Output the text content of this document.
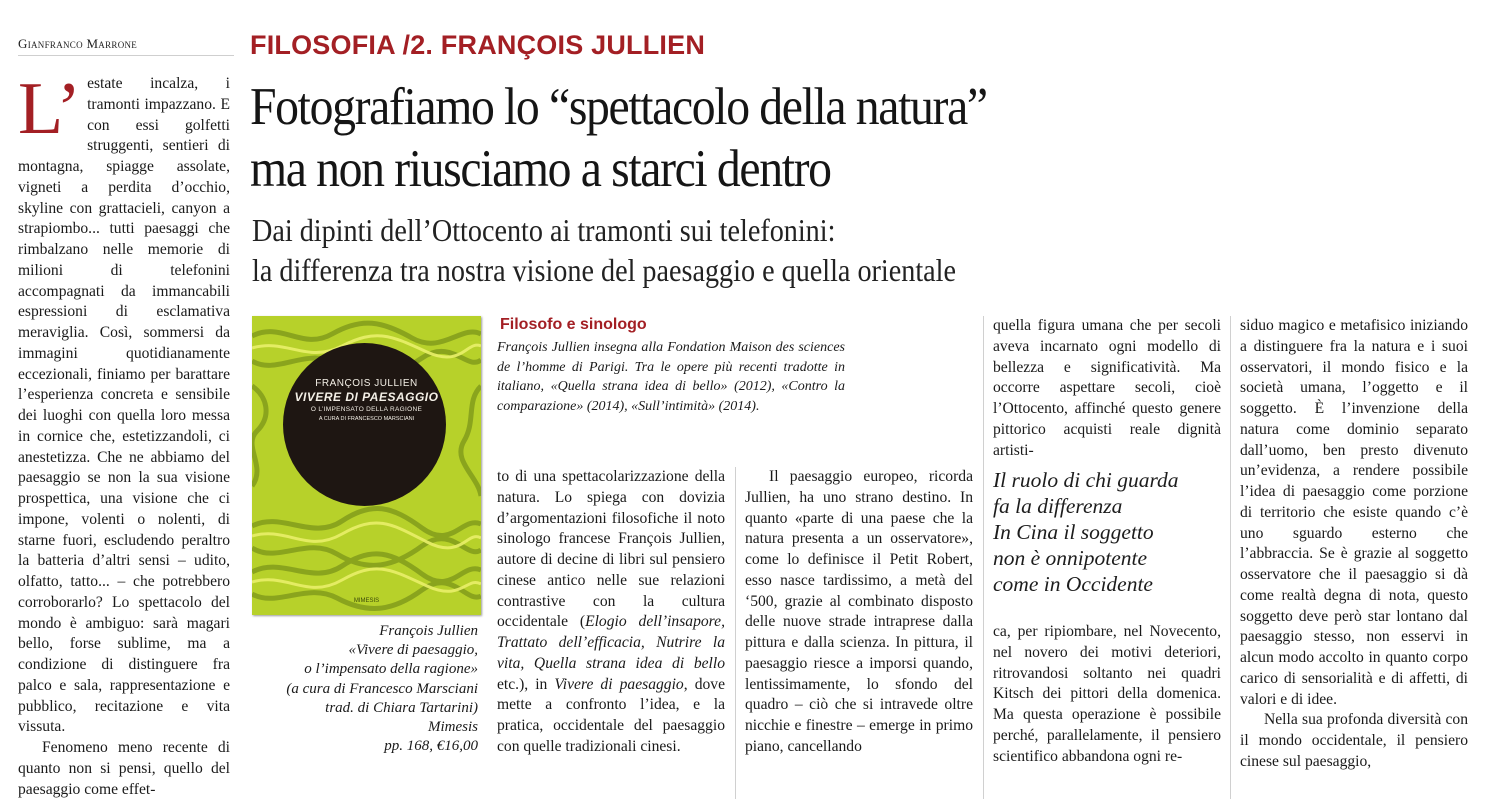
Gianfranco Marrone	FILOSOFIA /2. FRANÇOIS JULLIEN
Fotografiamo lo “spettacolo della natura”
ma non riusciamo a starci dentro
Dai dipinti dell’Ottocento ai tramonti sui telefonini:
la differenza tra nostra visione del paesaggio e quella orientale

L’ estate incalza, i tramonti impazzano. E con essi golfetti struggenti, sentieri di montagna, spiagge assolate, vigneti a perdita d’occhio, skyline con grattacieli, canyon a strapiombo... tutti paesaggi che rimbalzano nelle memorie di milioni di telefonini accompagnati da immancabili espressioni di esclamativa meraviglia. Così, sommersi da immagini quotidianamente eccezionali, finiamo per barattare l’esperienza concreta e sensibile dei luoghi con quella loro messa in cornice che, estetizzandoli, ci anestetizza. Che ne abbiamo del paesaggio se non la sua visione prospettica, una visione che ci impone, volenti o nolenti, di starne fuori, escludendo peraltro la batteria d’altri sensi – udito, olfatto, tatto... – che potrebbero corroborarlo? Lo spettacolo del mondo è ambiguo: sarà magari bello, forse sublime, ma a condizione di distinguere fra palco e sala, rappresentazione e pubblico, recitazione e vita vissuta.

Fenomeno meno recente di quanto non si pensi, quello del paesaggio come effet-

FRANÇOIS JULLIEN
VIVERE DI PAESAGGIO
O L’IMPENSATO DELLA RAGIONE
A CURA DI FRANCESCO MARSCIANI
MIMESIS
François Jullien
«Vivere di paesaggio,
o l’impensato della ragione»
(a cura di Francesco Marsciani
trad. di Chiara Tartarini)
Mimesis
pp. 168, €16,00
Filosofo e sinologo
François Jullien insegna alla Fondation Maison des sciences de l’homme di Parigi. Tra le opere più recenti tradotte in italiano, «Quella strana idea di bello» (2012), «Contro la comparazione» (2014), «Sull’intimità» (2014).

to di una spettacolarizzazione della natura. Lo spiega con dovizia d’argomentazioni filosofiche il noto sinologo francese François Jullien, autore di decine di libri sul pensiero cinese antico nelle sue relazioni contrastive con la cultura occidentale (Elogio dell’insapore, Trattato dell’efficacia, Nutrire la vita, Quella strana idea di bello etc.), in Vivere di paesaggio, dove mette a confronto l’idea, e la pratica, occidentale del paesaggio con quelle tradizionali cinesi.

Il paesaggio europeo, ricorda Jullien, ha uno strano destino. In quanto «parte di una paese che la natura presenta a un osservatore», come lo definisce il Petit Robert, esso nasce tardissimo, a metà del ‘500, grazie al combinato disposto delle nuove strade intraprese dalla pittura e dalla scienza. In pittura, il paesaggio riesce a imporsi quando, lentissimamente, lo sfondo del quadro – ciò che si intravede oltre nicchie e finestre – emerge in primo piano, cancellando

quella figura umana che per secoli aveva incarnato ogni modello di bellezza e significatività. Ma occorre aspettare secoli, cioè l’Ottocento, affinché questo genere pittorico acquisti reale dignità artisti-

Il ruolo di chi guarda
fa la differenza
In Cina il soggetto
non è onnipotente
come in Occidente

ca, per ripiombare, nel Novecento, nel novero dei motivi deteriori, ritrovandosi soltanto nei quadri Kitsch dei pittori della domenica. Ma questa operazione è possibile perché, parallelamente, il pensiero scientifico abbandona ogni re-

siduo magico e metafisico iniziando a distinguere fra la natura e i suoi osservatori, il mondo fisico e la società umana, l’oggetto e il soggetto. È l’invenzione della natura come dominio separato dall’uomo, ben presto divenuto un’evidenza, a rendere possibile l’idea di paesaggio come porzione di territorio che esiste quando c’è uno sguardo esterno che l’abbraccia. Se è grazie al soggetto osservatore che il paesaggio si dà come realtà degna di nota, questo soggetto deve però star lontano dal paesaggio stesso, non esservi in alcun modo accolto in quanto corpo carico di sensorialità e di affetti, di valori e di idee.

Nella sua profonda diversità con il mondo occidentale, il pensiero cinese sul paesaggio,
